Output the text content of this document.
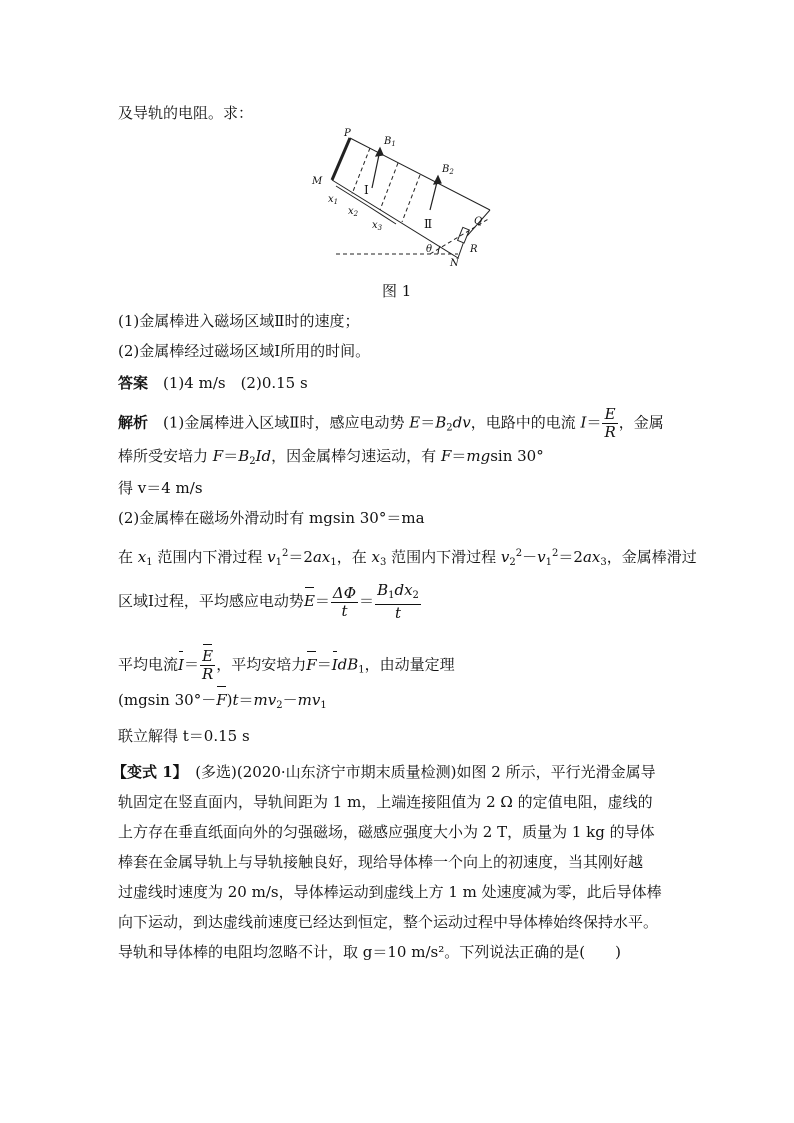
及导轨的电阻。求：
P
M
Q
N
R
$B_1$
$B_2$
$x_1$
$x_2$
$x_3$
θ
Ⅰ
Ⅱ
图 1
(1)金属棒进入磁场区域Ⅱ时的速度；
(2)金属棒经过磁场区域Ⅰ所用的时间。
答案　 (1)4 m/s　(2)0.15 s
解析　 (1)金属棒进入区域Ⅱ时，感应电动势 $E=B_2dv$，电路中的电流 $I= \frac{E}{R}$ ，金属
棒所受安培力 $F=B_2Id$，因金属棒匀速运动，有 F＝mgsin 30°
得 v＝4 m/s
(2)金属棒在磁场外滑动时有 mgsin 30°＝ma
在 $x_1$ 范围内下滑过程 $v_1^2=2ax_1$，在 $x_3$ 范围内下滑过程 $v_2^2-v_1^2=2ax_3$，金属棒滑过
区域Ⅰ过程，平均感应电动势$E= \frac{\Delta\Phi}{t} = \frac{B_1dx_2}{t}$
平均电流$I= \frac{E}{R}$ ，平均安培力F＝IdB$_1$，由动量定理
(mgsin $30^\circ-F)t=mv_2-mv_1$
联立解得 t＝0.15 s
【变式 1】　 (多选)(2020·山东济宁市期末质量检测)如图 2 所示，平行光滑金属导
轨固定在竖直面内，导轨间距为 1 m，上端连接阻值为 2 Ω 的定值电阻，虚线的
上方存在垂直纸面向外的匀强磁场，磁感应强度大小为 2 T，质量为 1 kg 的导体
棒套在金属导轨上与导轨接触良好，现给导体棒一个向上的初速度，当其刚好越
过虚线时速度为 20 m/s，导体棒运动到虚线上方 1 m 处速度减为零，此后导体棒
向下运动，到达虚线前速度已经达到恒定，整个运动过程中导体棒始终保持水平。
导轨和导体棒的电阻均忽略不计，取 g＝10 m/s²。下列说法正确的是(　　)
